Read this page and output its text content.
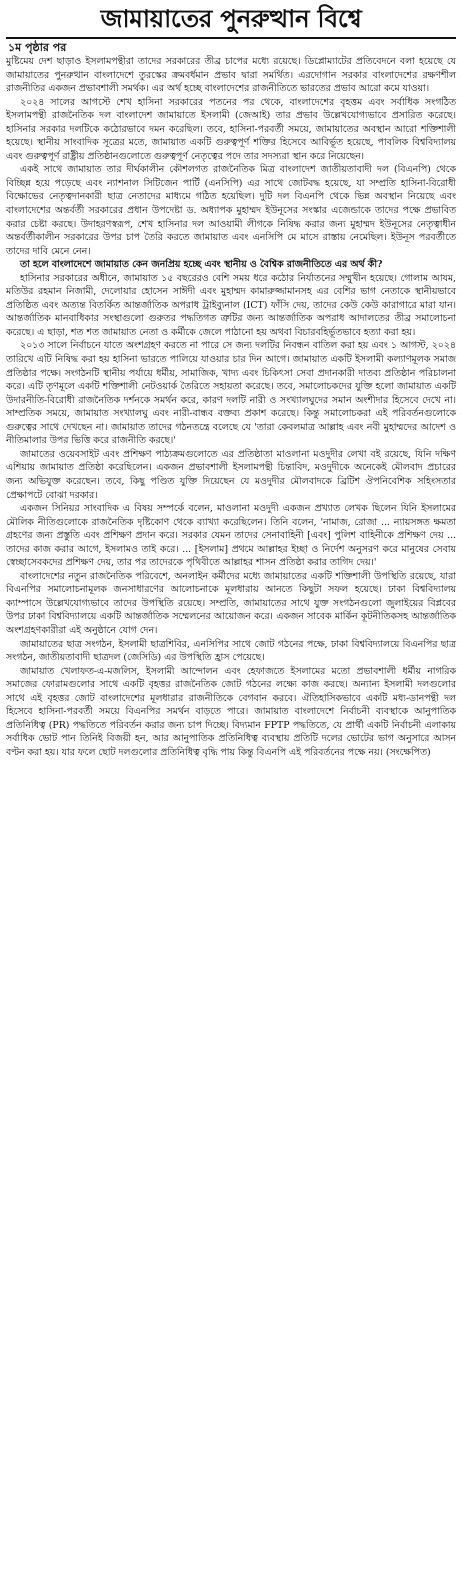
জামায়াতের পুনরুত্থান বিশ্বে
১ম পৃষ্ঠার পর

মুষ্টিমেয় দেশ ছাড়াও ইসলামপন্থীরা তাদের সরকারের তীব্র চাপের মধ্যে রয়েছে। ডিপ্লোম্যাটের প্রতিবেদনে বলা হয়েছে যে জামায়াতের পুনরুত্থান বাংলাদেশে তুরস্কের ক্রমবর্ধমান প্রভাব দ্বারা সমর্থিত। এরদোগান সরকার বাংলাদেশের রক্ষণশীল রাজনীতির একজন প্রভাবশালী সমর্থক। এর অর্থ হচ্ছে বাংলাদেশের রাজনীতিতে ভারতের প্রভাব আরো কমে যাওয়া।

২০২৪ সালের আগস্টে শেখ হাসিনা সরকারের পতনের পর থেকে, বাংলাদেশের বৃহত্তম এবং সর্বাধিক সংগঠিত ইসলামপন্থী রাজনৈতিক দল বাংলাদেশ জামায়াতে ইসলামী (জেআই) তার প্রভাব উল্লেখযোগ্যভাবে প্রসারিত করেছে। হাসিনার সরকার দলটিকে কঠোরভাবে দমন করেছিল। তবে, হাসিনা-পরবর্তী সময়ে, জামায়াতের অবস্থান আরো শক্তিশালী হয়েছে। স্থানীয় সাংবাদিক সূত্রের মতে, জামায়াত একটি গুরুত্বপূর্ণ শক্তির হিসেবে আবির্ভূত হয়েছে, পাবলিক বিশ্ববিদ্যালয় এবং গুরুত্বপূর্ণ রাষ্ট্রীয় প্রতিষ্ঠানগুলোতে গুরুত্বপূর্ণ নেতৃত্বের পদে তার সদস্যরা স্থান করে নিয়েছেন।

একই সাথে জামায়াত তার দীর্ঘকালীন কৌশলগত রাজনৈতিক মিত্র বাংলাদেশ জাতীয়তাবাদী দল (বিএনপি) থেকে বিচ্ছিন্ন হয়ে পড়েছে এবং ন্যাশনাল সিটিজেন পার্টি (এনসিপি) এর সাথে জোটবদ্ধ হয়েছে, যা সম্প্রতি হাসিনা-বিরোধী বিক্ষোভের নেতৃত্বদানকারী ছাত্র নেতাদের মাধ্যমে গঠিত হয়েছিল। দুটি দল বিএনপি থেকে ভিন্ন অবস্থান নিয়েছে এবং বাংলাদেশের অন্তর্বর্তী সরকারের প্রধান উপদেষ্টা ড. অধ্যাপক মুহাম্মদ ইউনূসের সংস্কার এজেন্ডাকে তাদের পক্ষে প্রভাবিত করার চেষ্টা করছে। উদাহরণস্বরূপ, শেখ হাসিনার দল আওয়ামী লীগকে নিষিদ্ধ করার জন্য মুহাম্মদ ইউনূসের নেতৃত্বাধীন অন্তর্বর্তীকালীন সরকারের উপর চাপ তৈরি করতে জামায়াত এবং এনসিপি মে মাসে রাস্তায় নেমেছিল। ইউনূস পরবর্তীতে তাদের দাবি মেনে নেন।

তা হলে বাংলাদেশে জামায়াত কেন জনপ্রিয় হচ্ছে এবং স্থানীয় ও বৈশ্বিক রাজনীতিতে এর অর্থ কী?

হাসিনার সরকারের অধীনে, জামায়াত ১৫ বছরেরও বেশি সময় ধরে কঠোর নির্যাতনের সম্মুখীন হয়েছে। গোলাম আযম, মতিউর রহমান নিজামী, দেলোয়ার হোসেন সাঈদী এবং মুহাম্মদ কামারুজ্জামানসহ এর বেশির ভাগ নেতাকে স্থানীয়ভাবে প্রতিষ্ঠিত এবং অত্যন্ত বিতর্কিত আন্তর্জাতিক অপরাধ ট্রাইব্যুনাল (ICT) ফাঁসি দেয়, তাদের কেউ কেউ কারাগারে মারা যান। আন্তর্জাতিক মানবাধিকার সংস্থাগুলো গুরুতর পদ্ধতিগত ত্রুটির জন্য আন্তর্জাতিক অপরাধ আদালতের তীব্র সমালোচনা করেছে। এ ছাড়া, শত শত জামায়াত নেতা ও কর্মীকে জেলে পাঠানো হয় অথবা বিচারবহির্ভূতভাবে হত্যা করা হয়।

২০১৩ সালে নির্বাচনে যাতে অংশগ্রহণ করতে না পারে সে জন্য দলটির নিবন্ধন বাতিল করা হয় এবং ১ আগস্ট, ২০২৪ তারিখে এটি নিষিদ্ধ করা হয় হাসিনা ভারতে পালিয়ে যাওয়ার চার দিন আগে। জামায়াত একটি ইসলামী কল্যাণমূলক সমাজ প্রতিষ্ঠার পক্ষে। সংগঠনটি স্থানীয় পর্যায়ে ধর্মীয়, সামাজিক, খাদ্য এবং চিকিৎসা সেবা প্রদানকারী দাতব্য প্রতিষ্ঠান পরিচালনা করে। এটি তৃণমূলে একটি শক্তিশালী নেটওয়ার্ক তৈরিতে সহায়তা করেছে। তবে, সমালোচকদের যুক্তি হলো জামায়াত একটি উদারনীতি-বিরোধী রাজনৈতিক দর্শনকে সমর্থন করে, কারণ দলটি নারী ও সংখ্যালঘুদের সমান অংশীদার হিসেবে দেখে না। সাম্প্রতিক সময়ে, জামায়াত সংখ্যালঘু এবং নারী-বান্ধব বক্তব্য প্রকাশ করেছে। কিন্তু সমালোচকরা এই পরিবর্তনগুলোকে গুরুত্বের সাথে দেখছেন না। জামায়াত তাদের গঠনতন্ত্রে বলেছে যে 'তারা কেবলমাত্র আল্লাহ এবং নবী মুহাম্মদের আদেশ ও নীতিমালার উপর ভিত্তি করে রাজনীতি করছে।'

জামাতের ওয়েবসাইট এবং প্রশিক্ষণ পাঠ্যক্রমগুলোতে এর প্রতিষ্ঠাতা মাওলানা মওদুদীর লেখা বই রয়েছে, যিনি দক্ষিণ এশিয়ায় জামায়াত প্রতিষ্ঠা করেছিলেন। একজন প্রভাবশালী ইসলামপন্থী চিন্তাবিদ, মওদুদীকে অনেকেই মৌলবাদ প্রচারের জন্য অভিযুক্ত করেছেন। তবে, কিছু পণ্ডিত যুক্তি দিয়েছেন যে মওদুদীর মৌলবাদকে ব্রিটিশ ঔপনিবেশিক সহিংসতার প্রেক্ষাপটে বোঝা দরকার।

একজন সিনিয়র সাংবাদিক এ বিষয় সম্পর্কে বলেন, মাওলানা মওদুদী একজন প্রখ্যাত লেখক ছিলেন যিনি ইসলামের মৌলিক নীতিগুলোকে রাজনৈতিক দৃষ্টিকোণ থেকে ব্যাখ্যা করেছিলেন। তিনি বলেন, 'নামাজ, রোজা ... ন্যায়সঙ্গত ক্ষমতা গ্রহণের জন্য প্রস্তুতি এবং প্রশিক্ষণ প্রদান করে। সরকার যেমন তাদের সেনাবাহিনী [এবং] পুলিশ বাহিনীকে প্রশিক্ষণ দেয় ... তাদের কাজ করার আগে, ইসলামও তাই করে। ... [ইসলাম] প্রথমে আল্লাহর ইচ্ছা ও নির্দেশ অনুসরণ করে মানুষের সেবায় স্বেচ্ছাসেবকদের প্রশিক্ষণ দেয়, তার পর তাদেরকে পৃথিবীতে আল্লাহর শাসন প্রতিষ্ঠা করার তাগিদ দেয়।'

বাংলাদেশের নতুন রাজনৈতিক পরিবেশে, অনলাইন কর্মীদের মধ্যে জামায়াতের একটি শক্তিশালী উপস্থিতি রয়েছে, যারা বিএনপির সমালোচনামূলক জনসাধারণের আলোচনাকে মূলধারায় আনতে কিছুটা সফল হয়েছে। ঢাকা বিশ্ববিদ্যালয় ক্যাম্পাসে উল্লেখযোগ্যভাবে তাদের উপস্থিতি রয়েছে। সম্প্রতি, জামায়াতের সাথে যুক্ত সংগঠনগুলো জুলাইয়ের বিপ্লবের উপর ঢাকা বিশ্ববিদ্যালয়ে একটি আন্তর্জাতিক সম্মেলনের আয়োজন করে। একজন সাবেক মার্কিন কূটনীতিকসহ আন্তর্জাতিক অংশগ্রহণকারীরা এই অনুষ্ঠানে যোগ দেন।

জামায়াতের ছাত্র সংগঠন, ইসলামী ছাত্রশিবির, এনসিপির সাথে জোট গঠনের পক্ষে, ঢাকা বিশ্ববিদ্যালয়ে বিএনপির ছাত্র সংগঠন, জাতীয়তাবাদী ছাত্রদল (জেসিডি) এর উপস্থিতি হ্রাস পেয়েছে।

জামায়াত খেলাফত-এ-মজলিস, ইসলামী আন্দোলন এবং হেফাজতে ইসলামের মতো প্রভাবশালী ধর্মীয় নাগরিক সমাজের ফোরামগুলোর সাথে একটি বৃহত্তর রাজনৈতিক জোট গঠনের লক্ষ্যে কাজ করছে। অন্যান্য ইসলামী দলগুলোর সাথে এই বৃহত্তর জোট বাংলাদেশের মূলধারার রাজনীতিকে বেগবান করবে। ঐতিহাসিকভাবে একটি মধ্য-ডানপন্থী দল হিসেবে হাসিনা-পরবর্তী সময়ে বিএনপির সমর্থন বাড়তে পারে। জামায়াত বাংলাদেশে নির্বাচনী ব্যবস্থাকে আনুপাতিক প্রতিনিধিত্ব (PR) পদ্ধতিতে পরিবর্তন করার জন্য চাপ দিচ্ছে। বিদ্যমান FPTP পদ্ধতিতে, যে প্রার্থী একটি নির্বাচনী এলাকায় সর্বাধিক ভোট পান তিনিই বিজয়ী হন, আর আনুপাতিক প্রতিনিধিত্ব ব্যবস্থায় প্রতিটি দলের ভোটের ভাগ অনুসারে আসন বণ্টন করা হয়। যার ফলে ছোট দলগুলোর প্রতিনিধিত্ব বৃদ্ধি পায় কিন্তু বিএনপি এই পরিবর্তনের পক্ষে নয়। (সংক্ষেপিত)
